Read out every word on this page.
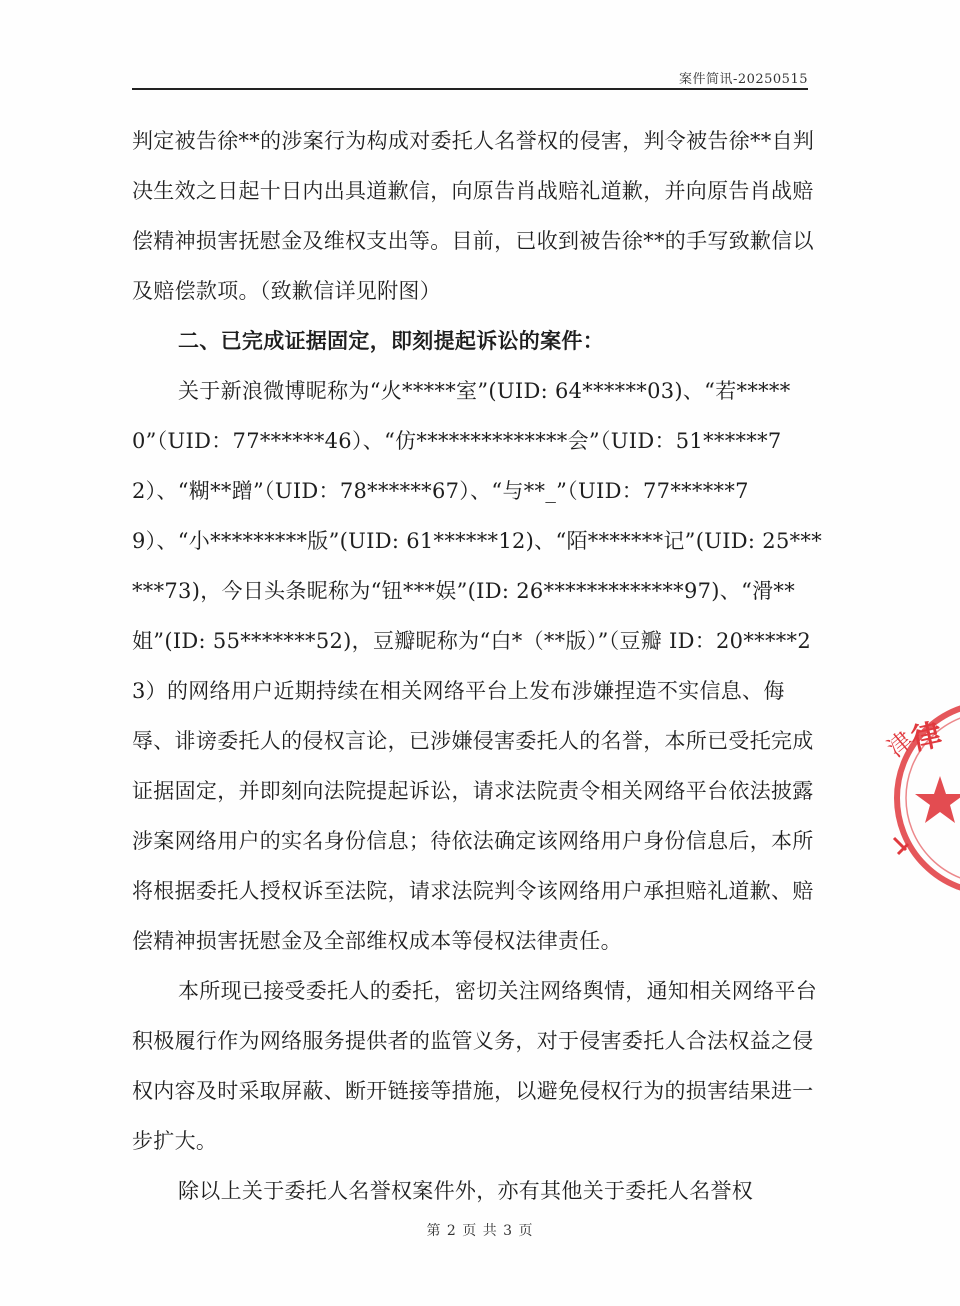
案件简讯-20250515

判定被告徐**的涉案行为构成对委托人名誉权的侵害，判令被告徐**自判决生效之日起十日内出具道歉信，向原告肖战赔礼道歉，并向原告肖战赔偿精神损害抚慰金及维权支出等。目前，已收到被告徐**的手写致歉信以及赔偿款项。（致歉信详见附图）

二、已完成证据固定，即刻提起诉讼的案件：

关于新浪微博昵称为“火*****室”(UID: 64******03)、“若*****0”（UID：77******46）、“仿**************会”（UID：51******72）、“糊**蹭”（UID：78******67）、“与**_”（UID：77******79）、“小*********版”(UID: 61******12)、“陌*******记”(UID: 25******73)，今日头条昵称为“钮***娱”(ID: 26*************97)、“滑**姐”(ID: 55*******52)，豆瓣昵称为“白*（**版）”（豆瓣 ID：20*****23）的网络用户近期持续在相关网络平台上发布涉嫌捏造不实信息、侮辱、诽谤委托人的侵权言论，已涉嫌侵害委托人的名誉，本所已受托完成证据固定，并即刻向法院提起诉讼，请求法院责令相关网络平台依法披露涉案网络用户的实名身份信息；待依法确定该网络用户身份信息后，本所将根据委托人授权诉至法院，请求法院判令该网络用户承担赔礼道歉、赔偿精神损害抚慰金及全部维权成本等侵权法律责任。

本所现已接受委托人的委托，密切关注网络舆情，通知相关网络平台积极履行作为网络服务提供者的监管义务，对于侵害委托人合法权益之侵权内容及时采取屏蔽、断开链接等措施，以避免侵权行为的损害结果进一步扩大。

除以上关于委托人名誉权案件外，亦有其他关于委托人名誉权

律
津
第 2 页 共 3 页
